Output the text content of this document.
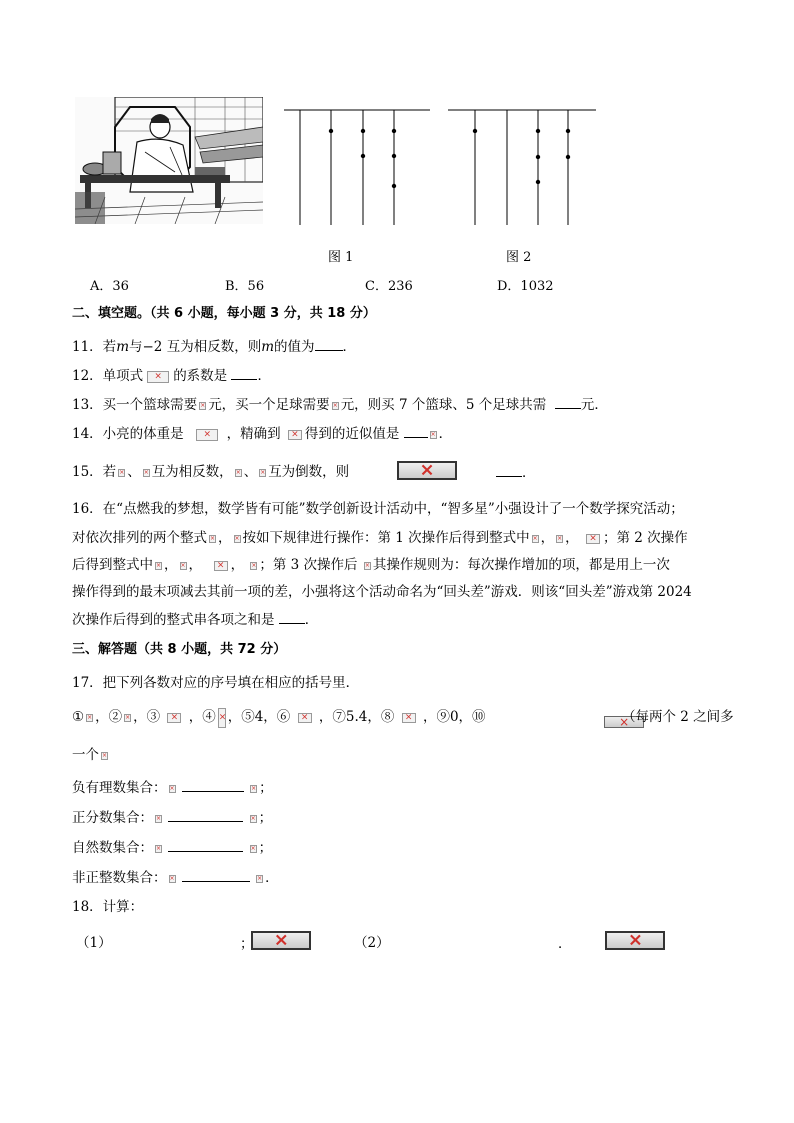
图 1	图 2
A．36	B．56	C．236	D．1032
二、填空题。（共 6 小题，每小题 3 分，共 18 分）
11．若m与−2 互为相反数，则m的值为 ．
12．单项式 × 的系数是 ．
13．买一个篮球需要 × 元，买一个足球需要 × 元，则买 7 个篮球、5 个足球共需	元．
14．小亮的体重是 ×	，精确到 × 得到的近似值是 ×	．
15．若 × 、 × 互为相反数， × 、 × 互为倒数，则 ×	．
16．在“点燃我的梦想，数学皆有可能”数学创新设计活动中，“智多星”小强设计了一个数学探究活动；
对依次排列的两个整式 × ， × 按如下规律进行操作：第 1 次操作后得到整式中 × ， × ， × ；第 2 次操作
后得到整式中 × ， × ， × ， × ；第 3 次操作后 × 其操作规则为：每次操作增加的项，都是用上一次
操作得到的最末项减去其前一项的差，小强将这个活动命名为“回头差”游戏．则该“回头差”游戏第 2024
次操作后得到的整式串各项之和是 ．
三、解答题（共 8 小题，共 72 分）
17．把下列各数对应的序号填在相应的括号里．
① × ，② × ，③ × ，④ × ，⑤4，⑥ × ，⑦5.4，⑧ × ，⑨0，⑩ ×	（每两个 2 之间多
一个×
负有理数集合： × ×	；
正分数集合： × ×	；
自然数集合： × ×	；
非正整数集合： × ×	．
18．计算：
（1） ×	；	（2） ×	．
